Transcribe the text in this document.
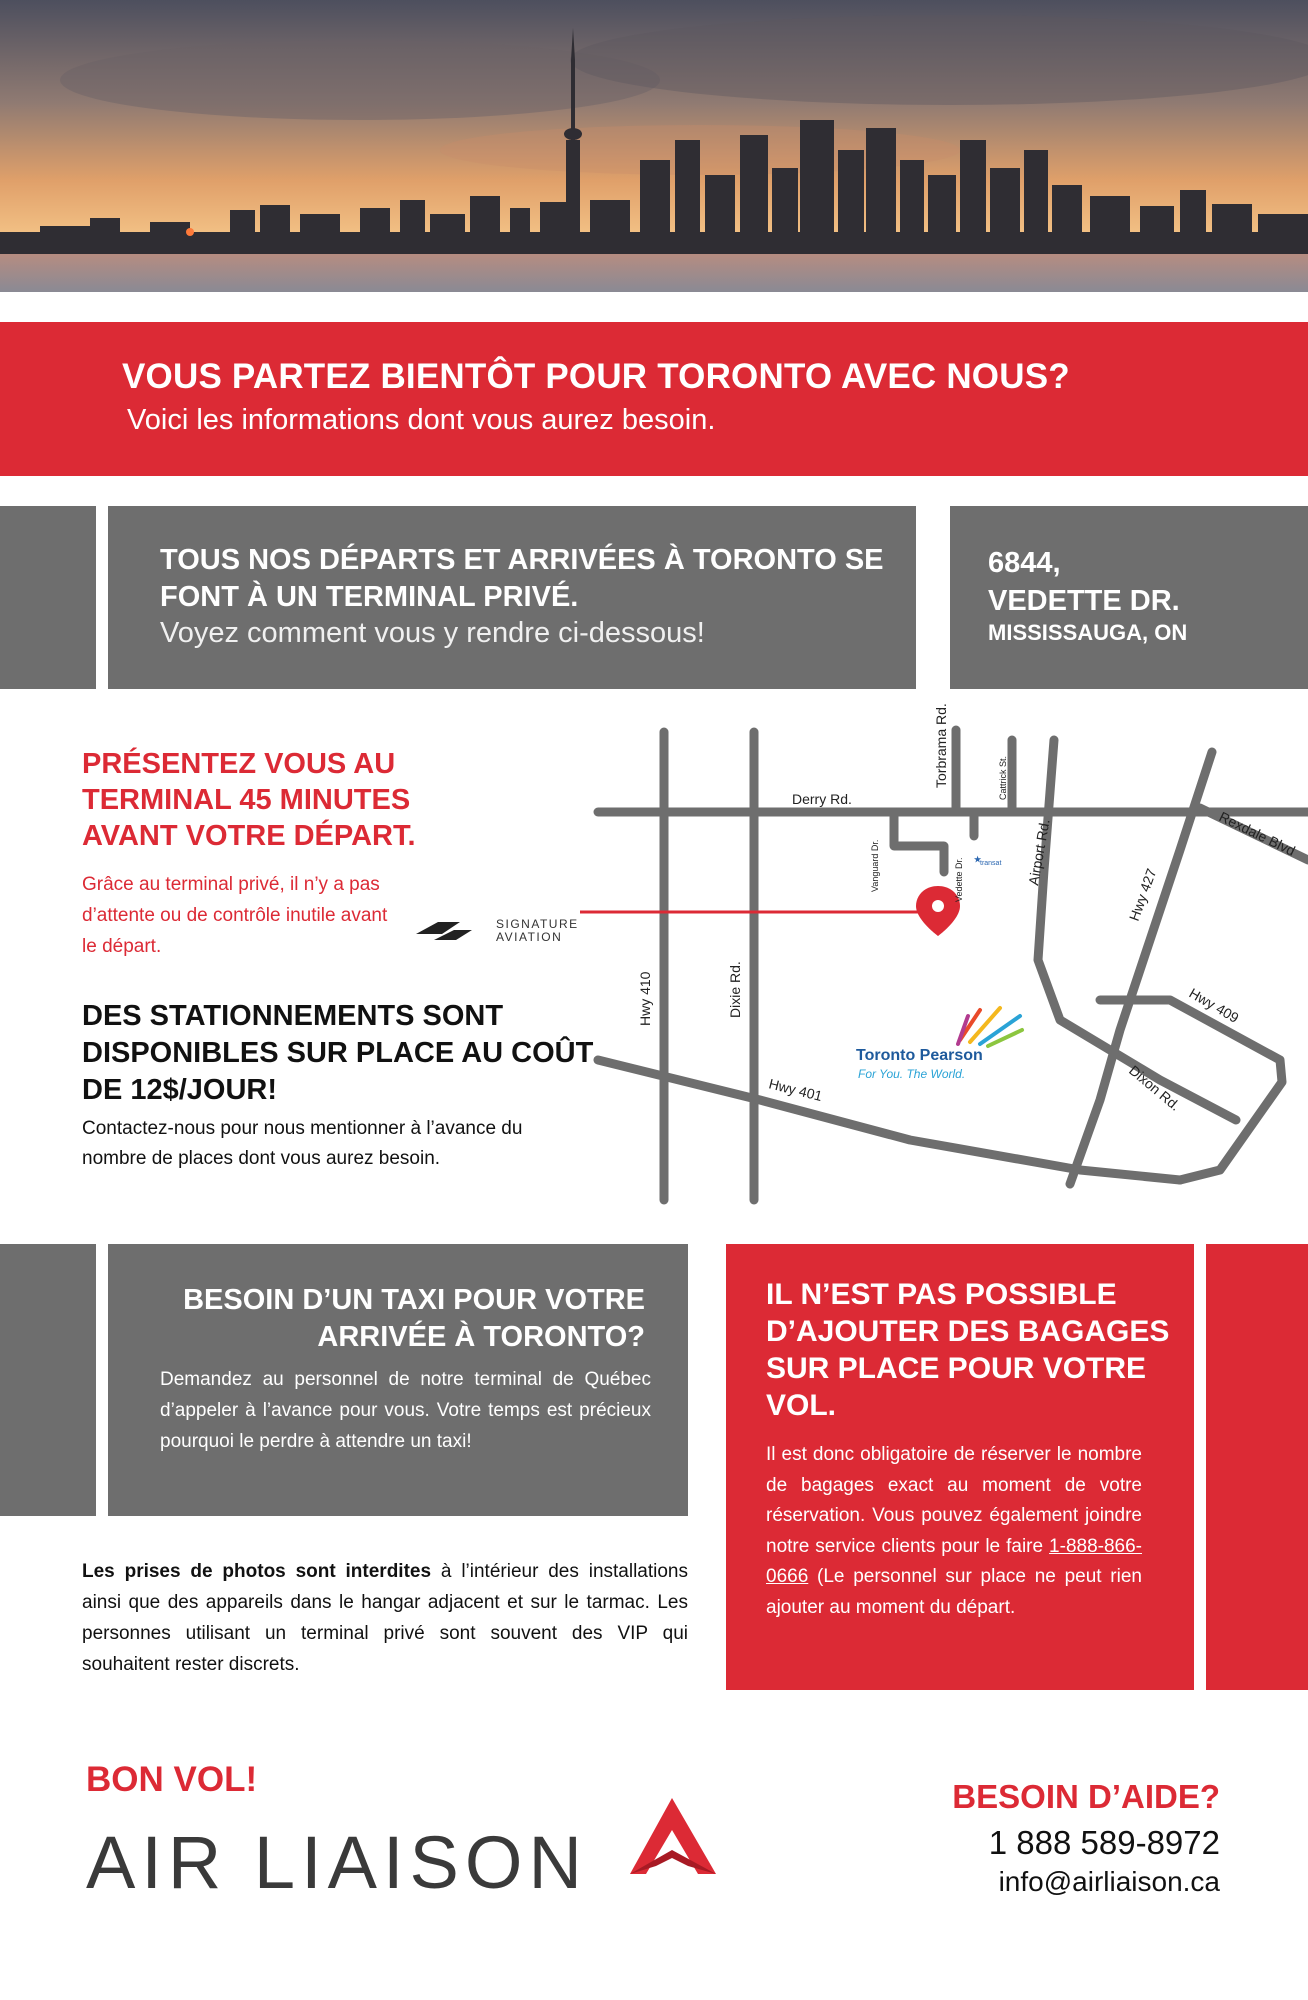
VOUS PARTEZ BIENTÔT POUR TORONTO AVEC NOUS?
Voici les informations dont vous aurez besoin.
TOUS NOS DÉPARTS ET ARRIVÉES À TORONTO SE FONT À UN TERMINAL PRIVÉ.
Voyez comment vous y rendre ci-dessous!
6844,
VEDETTE DR.
MISSISSAUGA, ON
PRÉSENTEZ VOUS AU TERMINAL 45 MINUTES AVANT VOTRE DÉPART.
Grâce au terminal privé, il n’y a pas d’attente ou de contrôle inutile avant le départ.
SIGNATURE
AVIATION
DES STATIONNEMENTS SONT DISPONIBLES SUR PLACE AU COÛT DE 12$/JOUR!
Contactez-nous pour nous mentionner à l’avance du nombre de places dont vous aurez besoin.
Derry Rd.
Torbrama Rd.	Cattrick St.
Rexdale Blvd
Vanguard Dr.	Vedette Dr.	Airport Rd.
Hwy 427
Hwy 410	Dixie Rd.	Hwy 409
Dixon Rd.
Hwy 401
★
transat
Toronto Pearson
For You. The World.
BESOIN D’UN TAXI POUR VOTRE ARRIVÉE À TORONTO?
Demandez au personnel de notre terminal de Québec d’appeler à l’avance pour vous. Votre temps est précieux pourquoi le perdre à attendre un taxi!
Les prises de photos sont interdites à l’intérieur des installations ainsi que des appareils dans le hangar adjacent et sur le tarmac. Les personnes utilisant un terminal privé sont souvent des VIP qui souhaitent rester discrets.
IL N’EST PAS POSSIBLE D’AJOUTER DES BAGAGES SUR PLACE POUR VOTRE VOL.
Il est donc obligatoire de réserver le nombre de bagages exact au moment de votre réservation. Vous pouvez également joindre notre service clients pour le faire 1-888-866-0666 (Le personnel sur place ne peut rien ajouter au moment du départ.
BON VOL!
AIR LIAISON
BESOIN D’AIDE?
1 888 589-8972
info@airliaison.ca
